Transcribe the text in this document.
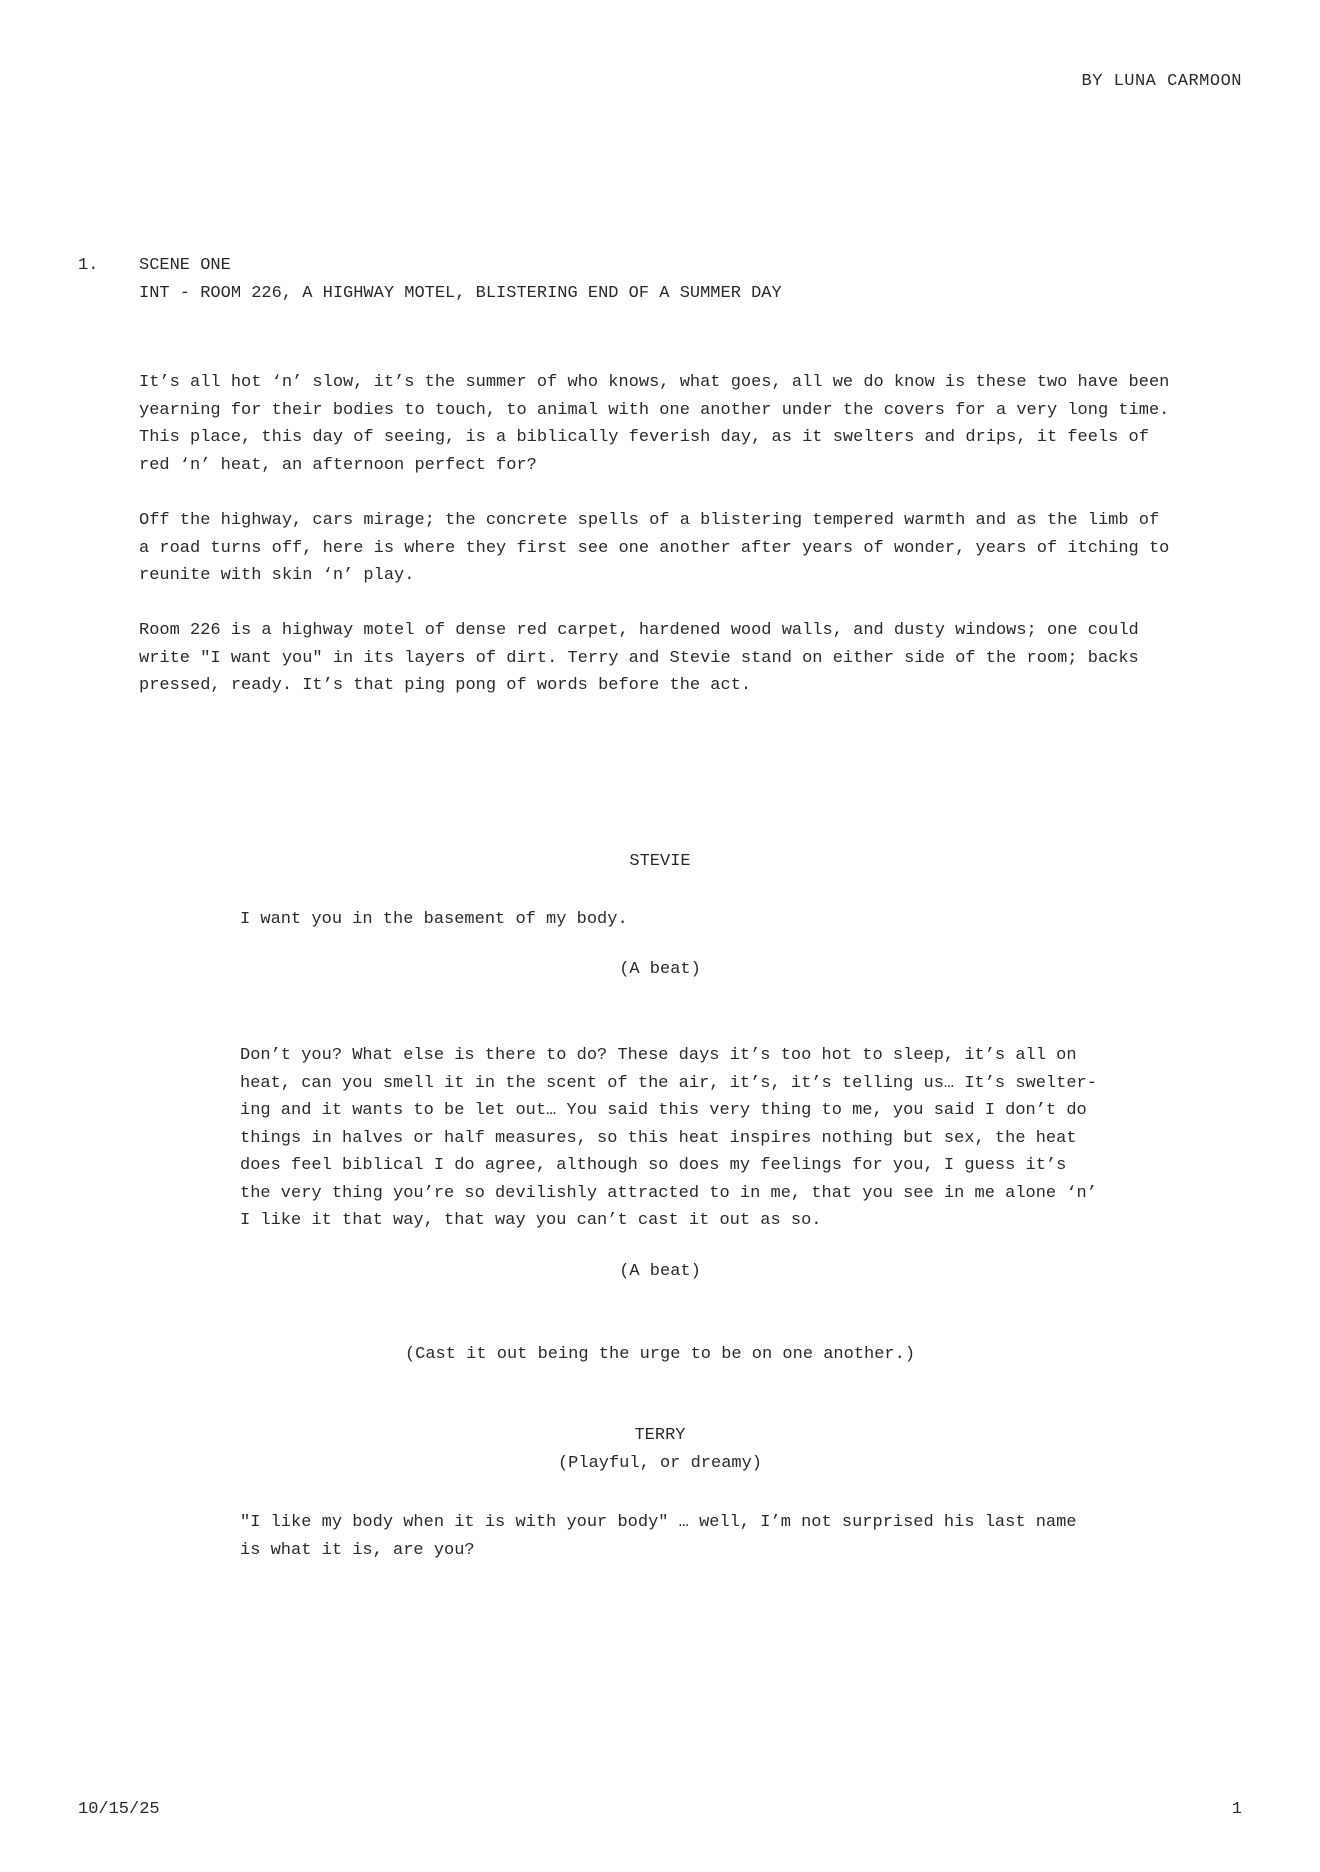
BY LUNA CARMOON
1. SCENE ONE
INT - ROOM 226, A HIGHWAY MOTEL, BLISTERING END OF A SUMMER DAY

It’s all hot ‘n’ slow, it’s the summer of who knows, what goes, all we do know is these two have been yearning for their bodies to touch, to animal with one another under the covers for a very long time. This place, this day of seeing, is a biblically feverish day, as it swelters and drips, it feels of red ‘n’ heat, an afternoon perfect for?

Off the highway, cars mirage; the concrete spells of a blistering tempered warmth and as the limb of a road turns off, here is where they first see one another after years of wonder, years of itching to reunite with skin ‘n’ play.

Room 226 is a highway motel of dense red carpet, hardened wood walls, and dusty windows; one could write "I want you" in its layers of dirt. Terry and Stevie stand on either side of the room; backs pressed, ready. It’s that ping pong of words before the act.

STEVIE
I want you in the basement of my body.
(A beat)
Don’t you? What else is there to do? These days it’s too hot to sleep, it’s all on heat, can you smell it in the scent of the air, it’s, it’s telling us… It’s swelter-ing and it wants to be let out… You said this very thing to me, you said I don’t do things in halves or half measures, so this heat inspires nothing but sex, the heat does feel biblical I do agree, although so does my feelings for you, I guess it’s the very thing you’re so devilishly attracted to in me, that you see in me alone ‘n’ I like it that way, that way you can’t cast it out as so.
(A beat)
(Cast it out being the urge to be on one another.)
TERRY
(Playful, or dreamy)
"I like my body when it is with your body" … well, I’m not surprised his last name is what it is, are you?
10/15/25	1
